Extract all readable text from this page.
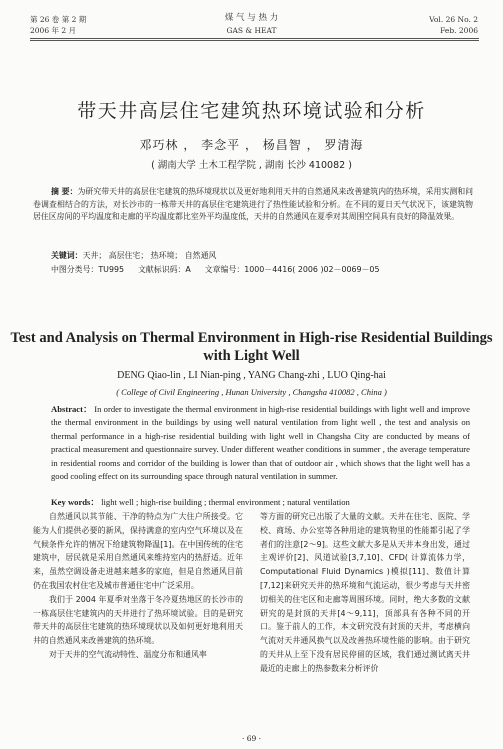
第 26 卷 第 2 期
2006 年 2 月
煤 气 与 热 力
GAS & HEAT
Vol. 26 No. 2
Feb. 2006
带天井高层住宅建筑热环境试验和分析
邓巧林 ， 李念平 ， 杨昌智 ， 罗清海
( 湖南大学 土木工程学院 , 湖南 长沙 410082 )
摘 要：为研究带天井的高层住宅建筑的热环境现状以及更好地利用天井的自然通风来改善建筑内的热环境，采用实测和问卷调查相结合的方法，对长沙市的一栋带天井的高层住宅建筑进行了热性能试验和分析。在不同的夏日天气状况下，该建筑物居住区房间的平均温度和走廊的平均温度都比室外平均温度低，天井的自然通风在夏季对其周围空间具有良好的降温效果。
关键词：天井； 高层住宅； 热环境； 自然通风
中图分类号：TU995 文献标识码：A 文章编号：1000－4416( 2006 )02－0069－05
Test and Analysis on Thermal Environment in High-rise Residential Buildings with Light Well
DENG Qiao-lin , LI Nian-ping , YANG Chang-zhi , LUO Qing-hai
( College of Civil Engineering , Hunan University , Changsha 410082 , China )
Abstract： In order to investigate the thermal environment in high-rise residential buildings with light well and improve the thermal environment in the buildings by using well natural ventilation from light well , the test and analysis on thermal performance in a high-rise residential building with light well in Changsha City are conducted by means of practical measurement and questionnaire survey. Under different weather conditions in summer , the average temperature in residential rooms and corridor of the building is lower than that of outdoor air , which shows that the light well has a good cooling effect on its surrounding space through natural ventilation in summer.
Key words： light well ; high-rise building ; thermal environment ; natural ventilation

自然通风以其节能、干净的特点为广大住户所接受。它能为人们提供必要的新风，保持满意的室内空气环境以及在气候条件允许的情况下给建筑物降温[1]。在中国传统的住宅建筑中，居民就是采用自然通风来维持室内的热舒适。近年来，虽然空调设备走进越来越多的家庭，但是自然通风目前仍在我国农村住宅及城市普通住宅中广泛采用。

我们于 2004 年夏季对坐落于冬冷夏热地区的长沙市的一栋高层住宅建筑内的天井进行了热环境试验。目的是研究带天井的高层住宅建筑的热环境现状以及如何更好地利用天井的自然通风来改善建筑的热环境。

对于天井的空气流动特性、温度分布和通风率

等方面的研究已出版了大量的文献。天井在住宅、医院、学校、商场、办公室等各种用途的建筑物里的性能都引起了学者们的注意[2～9]。这些文献大多是从天井本身出发，通过主观评价[2]、风道试验[3,7,10]、CFD( 计算流体力学，Computational Fluid Dynamics )模拟[11]、数值计算[7,12]来研究天井的热环境和气流运动，很少考虑与天井密切相关的住宅区和走廊等周围环境。同时，绝大多数的文献研究的是封顶的天井[4～9,11]，顶部具有各种不同的开口。鉴于前人的工作，本文研究没有封顶的天井，考虑横向气流对天井通风换气以及改善热环境性能的影响。由于研究的天井从上至下没有居民停留的区域，我们通过测试离天井最近的走廊上的热参数来分析评价

· 69 ·
